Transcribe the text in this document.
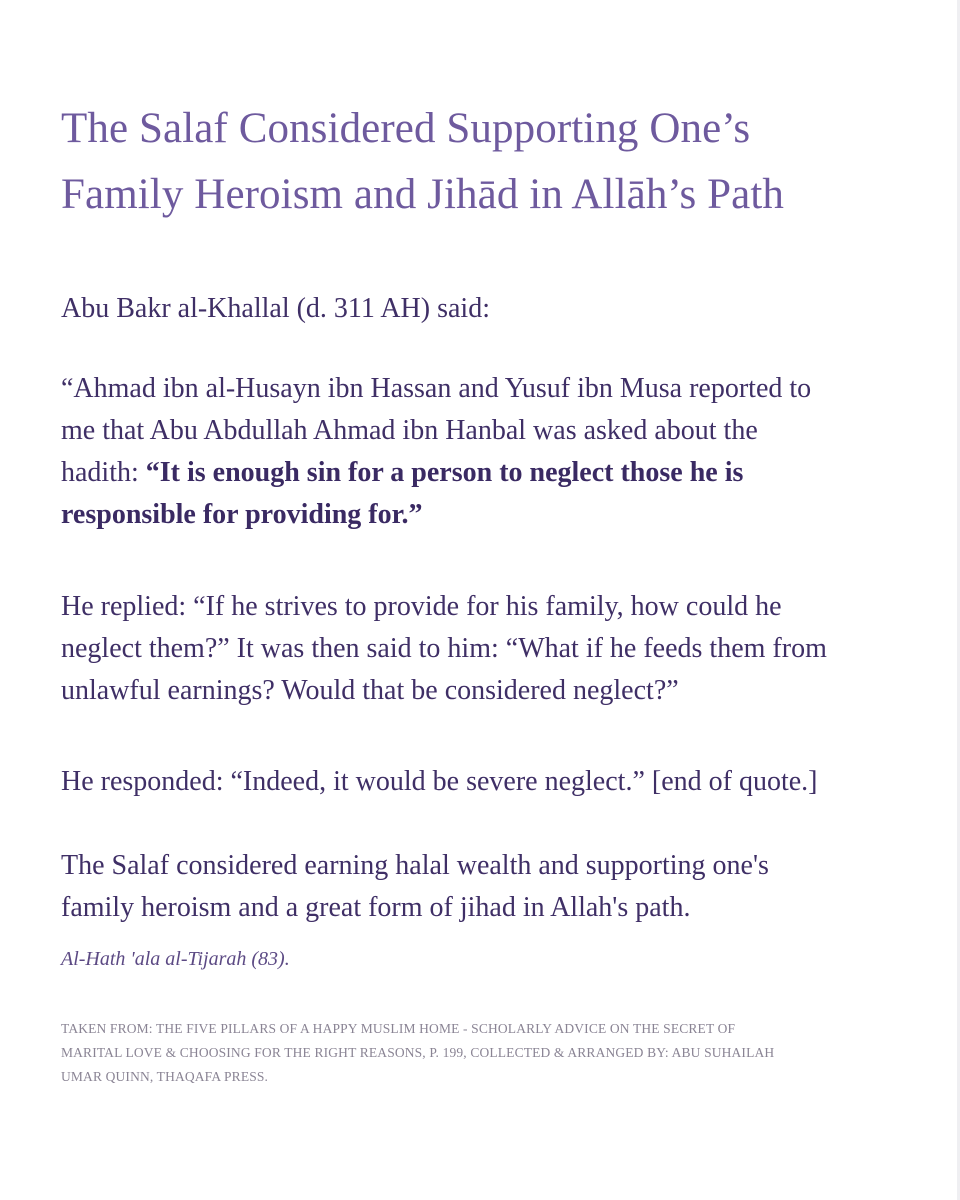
The Salaf Considered Supporting One’s
Family Heroism and Jihād in Allāh’s Path

Abu Bakr al-Khallal (d. 311 AH) said:

“Ahmad ibn al-Husayn ibn Hassan and Yusuf ibn Musa reported to
me that Abu Abdullah Ahmad ibn Hanbal was asked about the
hadith: “It is enough sin for a person to neglect those he is
responsible for providing for.”

He replied: “If he strives to provide for his family, how could he
neglect them?” It was then said to him: “What if he feeds them from
unlawful earnings? Would that be considered neglect?”

He responded: “Indeed, it would be severe neglect.” [end of quote.]

The Salaf considered earning halal wealth and supporting one's
family heroism and a great form of jihad in Allah's path.

Al-Hath 'ala al-Tijarah (83).

TAKEN FROM: THE FIVE PILLARS OF A HAPPY MUSLIM HOME - SCHOLARLY ADVICE ON THE SECRET OF
MARITAL LOVE & CHOOSING FOR THE RIGHT REASONS, P. 199, COLLECTED & ARRANGED BY: ABU SUHAILAH
UMAR QUINN, THAQAFA PRESS.
